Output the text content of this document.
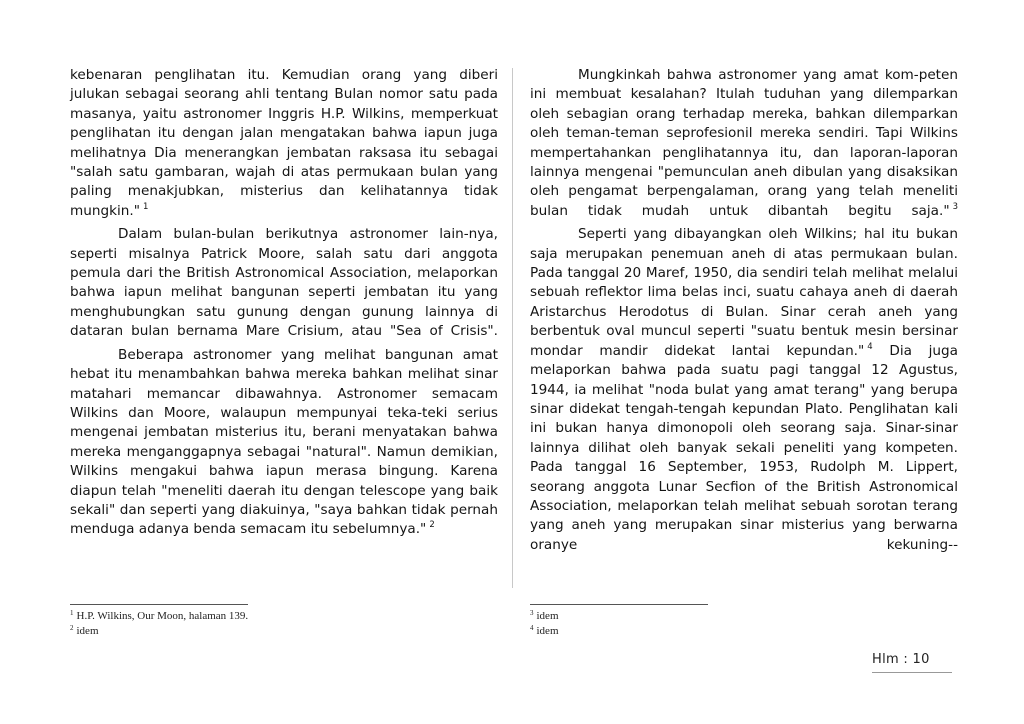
kebenaran penglihatan itu. Kemudian orang yang diberi julukan sebagai seorang ahli tentang Bulan nomor satu pada masanya, yaitu astronomer Inggris H.P. Wilkins, memperkuat penglihatan itu dengan jalan mengatakan bahwa iapun juga melihatnya Dia menerangkan jembatan raksasa itu sebagai "salah satu gambaran, wajah di atas permukaan bulan yang paling menakjubkan, misterius dan kelihatannya tidak mungkin." $^1$

Dalam bulan-bulan berikutnya astronomer lain-nya, seperti misalnya Patrick Moore, salah satu dari anggota pemula dari the British Astronomical Association, melaporkan bahwa iapun melihat bangunan seperti jembatan itu yang menghubungkan satu gunung dengan gunung lainnya di dataran bulan bernama Mare Crisium, atau "Sea of Crisis".

Beberapa astronomer yang melihat bangunan amat hebat itu menambahkan bahwa mereka bahkan melihat sinar matahari memancar dibawahnya. Astronomer semacam Wilkins dan Moore, walaupun mempunyai teka-teki serius mengenai jembatan misterius itu, berani menyatakan bahwa mereka menganggapnya sebagai "natural". Namun demikian, Wilkins mengakui bahwa iapun merasa bingung. Karena diapun telah "meneliti daerah itu dengan telescope yang baik sekali" dan seperti yang diakuinya, "saya bahkan tidak pernah menduga adanya benda semacam itu sebelumnya." $^2$

Mungkinkah bahwa astronomer yang amat kom-peten ini membuat kesalahan? Itulah tuduhan yang dilemparkan oleh sebagian orang terhadap mereka, bahkan dilemparkan oleh teman-teman seprofesionil mereka sendiri. Tapi Wilkins mempertahankan penglihatannya itu, dan laporan-laporan lainnya mengenai "pemunculan aneh dibulan yang disaksikan oleh pengamat berpengalaman, orang yang telah meneliti bulan tidak mudah untuk dibantah begitu saja." $^3$

Seperti yang dibayangkan oleh Wilkins; hal itu bukan saja merupakan penemuan aneh di atas permukaan bulan. Pada tanggal 20 Maref, 1950, dia sendiri telah melihat melalui sebuah reflektor lima belas inci, suatu cahaya aneh di daerah Aristarchus Herodotus di Bulan. Sinar cerah aneh yang berbentuk oval muncul seperti "suatu bentuk mesin bersinar mondar mandir didekat lantai kepundan." $^4$ Dia juga melaporkan bahwa pada suatu pagi tanggal 12 Agustus, 1944, ia melihat "noda bulat yang amat terang" yang berupa sinar didekat tengah-tengah kepundan Plato. Penglihatan kali ini bukan hanya dimonopoli oleh seorang saja. Sinar-sinar lainnya dilihat oleh banyak sekali peneliti yang kompeten. Pada tanggal 16 September, 1953, Rudolph M. Lippert, seorang anggota Lunar Secfion of the British Astronomical Association, melaporkan telah melihat sebuah sorotan terang yang aneh yang merupakan sinar misterius yang berwarna oranye kekuning--

$^1$ H.P. Wilkins, Our Moon, halaman 139.
$^2$ idem
$^3$ idem
$^4$ idem
Hlm : 10
